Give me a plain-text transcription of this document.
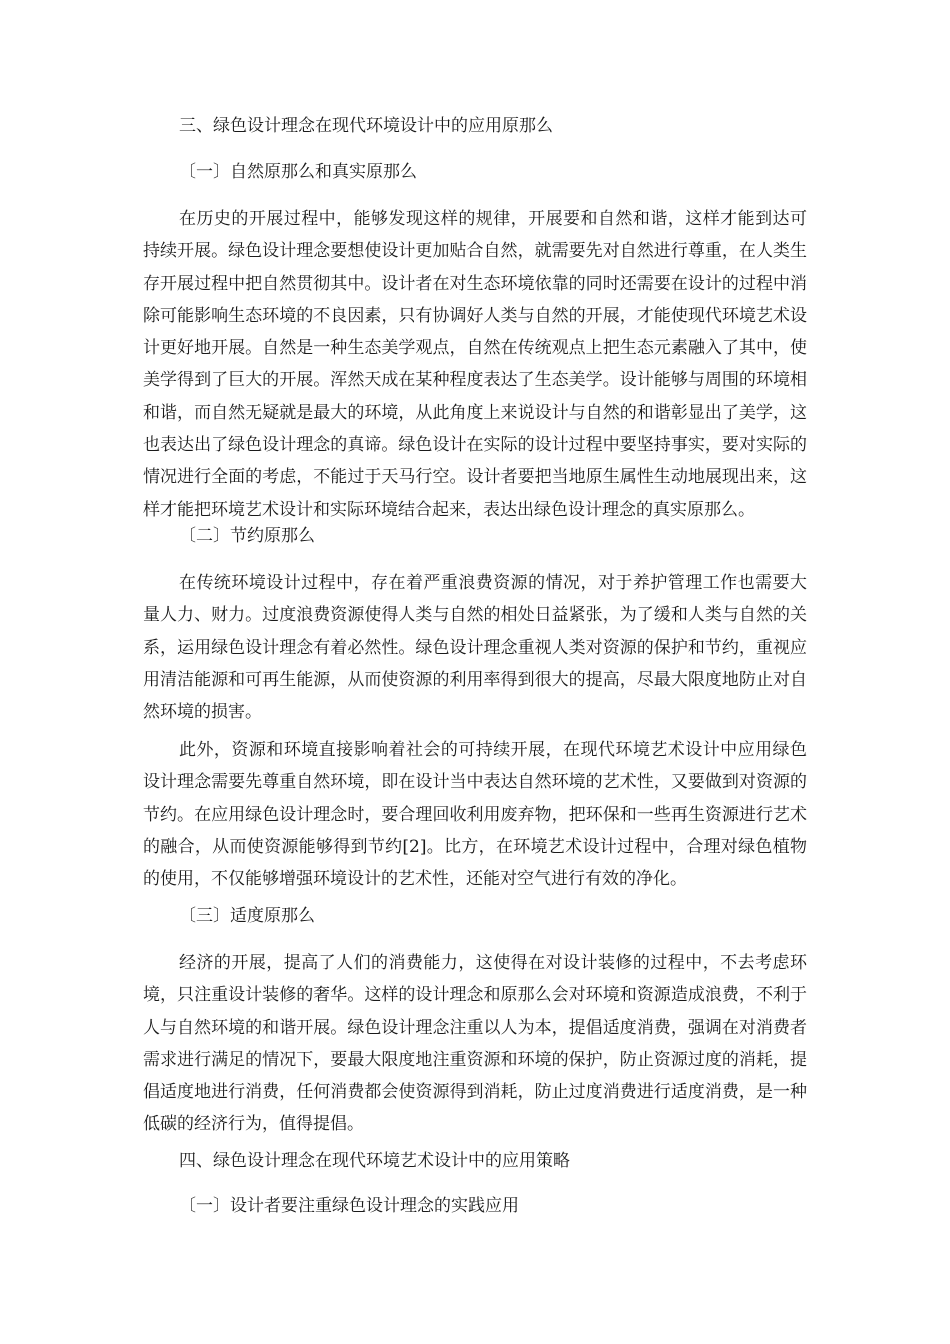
三、绿色设计理念在现代环境设计中的应用原那么
〔一〕自然原那么和真实原那么

在历史的开展过程中，能够发现这样的规律，开展要和自然和谐，这样才能到达可持续开展。绿色设计理念要想使设计更加贴合自然，就需要先对自然进行尊重，在人类生存开展过程中把自然贯彻其中。设计者在对生态环境依靠的同时还需要在设计的过程中消除可能影响生态环境的不良因素，只有协调好人类与自然的开展，才能使现代环境艺术设计更好地开展。自然是一种生态美学观点，自然在传统观点上把生态元素融入了其中，使美学得到了巨大的开展。浑然天成在某种程度表达了生态美学。设计能够与周围的环境相和谐，而自然无疑就是最大的环境，从此角度上来说设计与自然的和谐彰显出了美学，这也表达出了绿色设计理念的真谛。绿色设计在实际的设计过程中要坚持事实，要对实际的情况进行全面的考虑，不能过于天马行空。设计者要把当地原生属性生动地展现出来，这样才能把环境艺术设计和实际环境结合起来，表达出绿色设计理念的真实原那么。

〔二〕节约原那么

在传统环境设计过程中，存在着严重浪费资源的情况，对于养护管理工作也需要大量人力、财力。过度浪费资源使得人类与自然的相处日益紧张，为了缓和人类与自然的关系，运用绿色设计理念有着必然性。绿色设计理念重视人类对资源的保护和节约，重视应用清洁能源和可再生能源，从而使资源的利用率得到很大的提高，尽最大限度地防止对自然环境的损害。

此外，资源和环境直接影响着社会的可持续开展，在现代环境艺术设计中应用绿色设计理念需要先尊重自然环境，即在设计当中表达自然环境的艺术性，又要做到对资源的节约。在应用绿色设计理念时，要合理回收利用废弃物，把环保和一些再生资源进行艺术的融合，从而使资源能够得到节约[2]。比方，在环境艺术设计过程中，合理对绿色植物的使用，不仅能够增强环境设计的艺术性，还能对空气进行有效的净化。

〔三〕适度原那么

经济的开展，提高了人们的消费能力，这使得在对设计装修的过程中，不去考虑环境，只注重设计装修的奢华。这样的设计理念和原那么会对环境和资源造成浪费，不利于人与自然环境的和谐开展。绿色设计理念注重以人为本，提倡适度消费，强调在对消费者需求进行满足的情况下，要最大限度地注重资源和环境的保护，防止资源过度的消耗，提倡适度地进行消费，任何消费都会使资源得到消耗，防止过度消费进行适度消费，是一种低碳的经济行为，值得提倡。

四、绿色设计理念在现代环境艺术设计中的应用策略
〔一〕设计者要注重绿色设计理念的实践应用
